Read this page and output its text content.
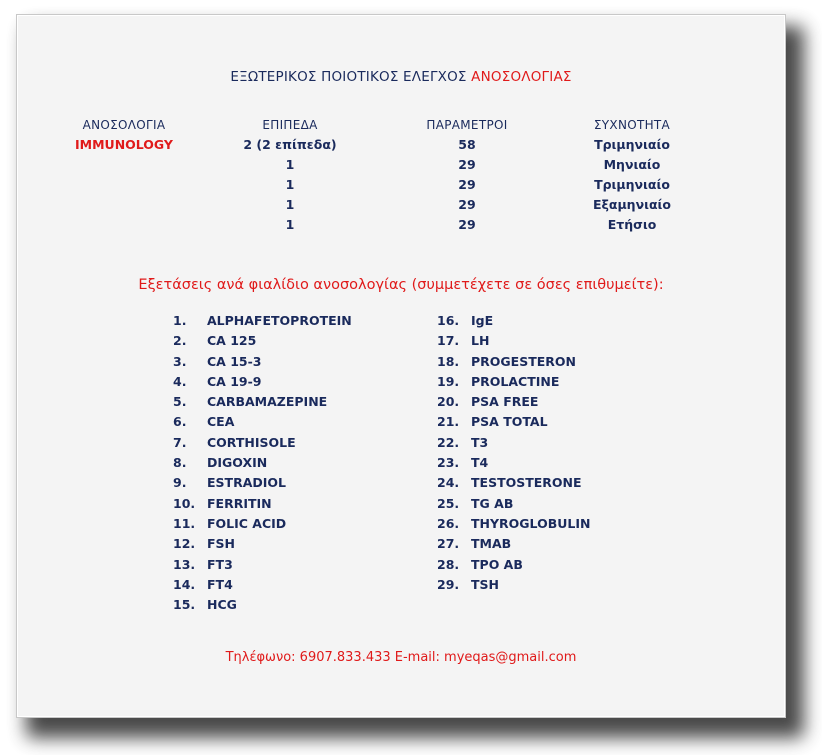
ΕΞΩΤΕΡΙΚΟΣ ΠΟΙΟΤΙΚΟΣ ΕΛΕΓΧΟΣ ΑΝΟΣΟΛΟΓΙΑΣ
ΑΝΟΣΟΛΟΓΙΑ
IMMUNOLOGY
ΕΠΙΠΕΔΑ
2 (2 επίπεδα)
1
1
1
1
ΠΑΡΑΜΕΤΡΟΙ
58
29
29
29
29
ΣΥΧΝΟΤΗΤΑ
Τριμηνιαίο
Μηνιαίο
Τριμηνιαίο
Εξαμηνιαίο
Ετήσιο
Εξετάσεις ανά φιαλίδιο ανοσολογίας (συμμετέχετε σε όσες επιθυμείτε):
1. ALPHAFETOPROTEIN
2. CA 125
3. CA 15-3
4. CA 19-9
5. CARBAMAZEPINE
6. CEA
7. CORTHISOLE
8. DIGOXIN
9. ESTRADIOL
10. FERRITIN
11. FOLIC ACID
12. FSH
13. FT3
14. FT4
15. HCG
16. IgE
17. LH
18. PROGESTERON
19. PROLACTINE
20. PSA FREE
21. PSA TOTAL
22. T3
23. T4
24. TESTOSTERONE
25. TG AB
26. THYROGLOBULIN
27. TMAB
28. TPO AB
29. TSH
Τηλέφωνο: 6907.833.433 E-mail: myeqas@gmail.com
